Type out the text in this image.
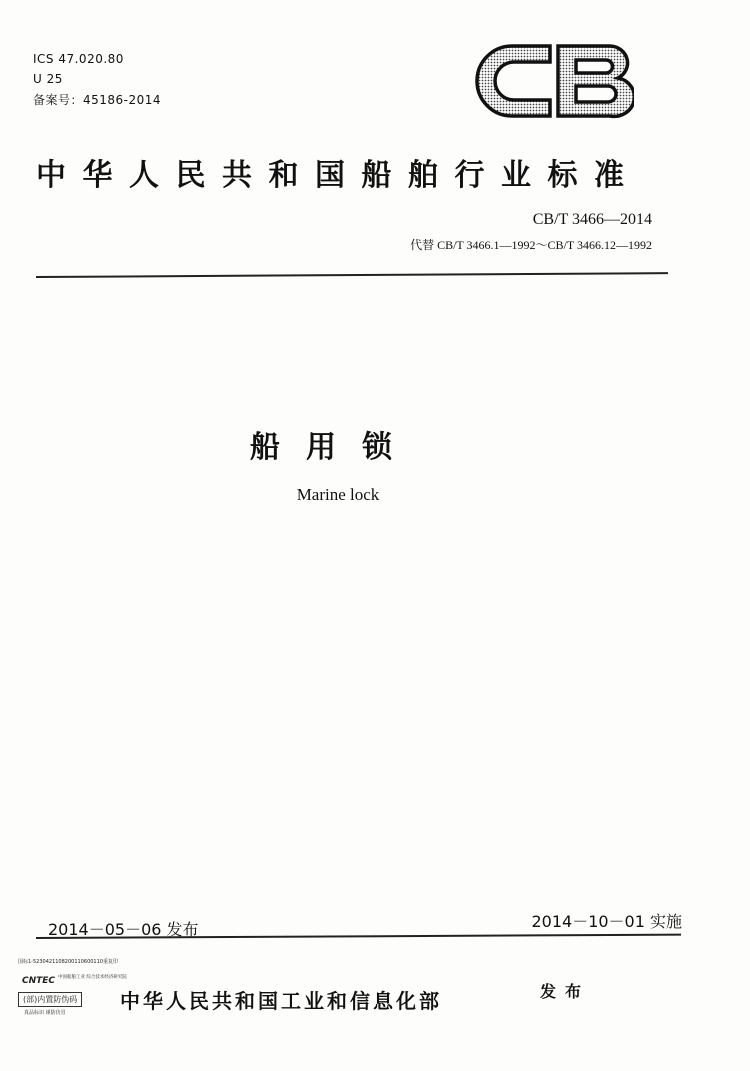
ICS 47.020.80
U 25
备案号：45186-2014
中华人民共和国船舶行业标准
CB/T 3466—2014
代替 CB/T 3466.1—1992～CB/T 3466.12—1992
船用锁
Marine lock
2014－05－06 发布	2014－10－01 实施
国标1-5230421108200110600110重复印
CNTEC 中国船舶工业 综合技术经济研究院
(部)内置防伪码
真品标识 谨防仿冒	中华人民共和国工业和信息化部	发布
